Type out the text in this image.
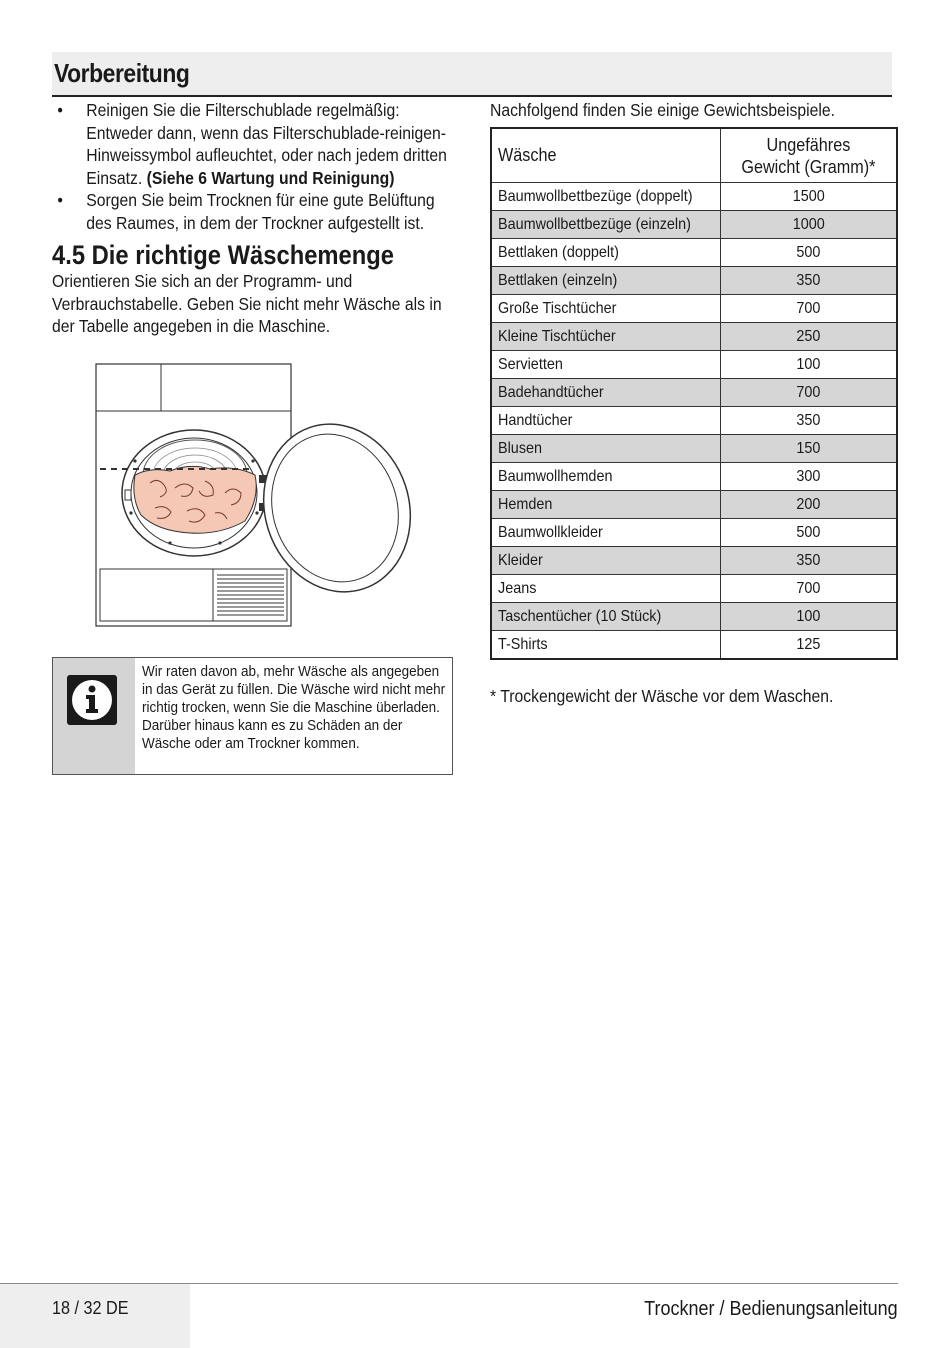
Vorbereitung
• Reinigen Sie die Filterschublade regelmäßig: Entweder dann, wenn das Filterschublade-reinigen-Hinweissymbol aufleuchtet, oder nach jedem dritten Einsatz. (Siehe 6 Wartung und Reinigung)
• Sorgen Sie beim Trocknen für eine gute Belüftung des Raumes, in dem der Trockner aufgestellt ist.
4.5 Die richtige Wäschemenge
Orientieren Sie sich an der Programm- und Verbrauchstabelle. Geben Sie nicht mehr Wäsche als in der Tabelle angegeben in die Maschine.
Wir raten davon ab, mehr Wäsche als angegeben in das Gerät zu füllen. Die Wäsche wird nicht mehr richtig trocken, wenn Sie die Maschine überladen. Darüber hinaus kann es zu Schäden an der Wäsche oder am Trockner kommen.
Nachfolgend finden Sie einige Gewichtsbeispiele.
Wäsche	Ungefähres Gewicht (Gramm)*
Baumwollbettbezüge (doppelt)	1500
Baumwollbettbezüge (einzeln)	1000
Bettlaken (doppelt)	500
Bettlaken (einzeln)	350
Große Tischtücher	700
Kleine Tischtücher	250
Servietten	100
Badehandtücher	700
Handtücher	350
Blusen	150
Baumwollhemden	300
Hemden	200
Baumwollkleider	500
Kleider	350
Jeans	700
Taschentücher (10 Stück)	100
T-Shirts	125
* Trockengewicht der Wäsche vor dem Waschen.
18 / 32 DE	Trockner / Bedienungsanleitung
